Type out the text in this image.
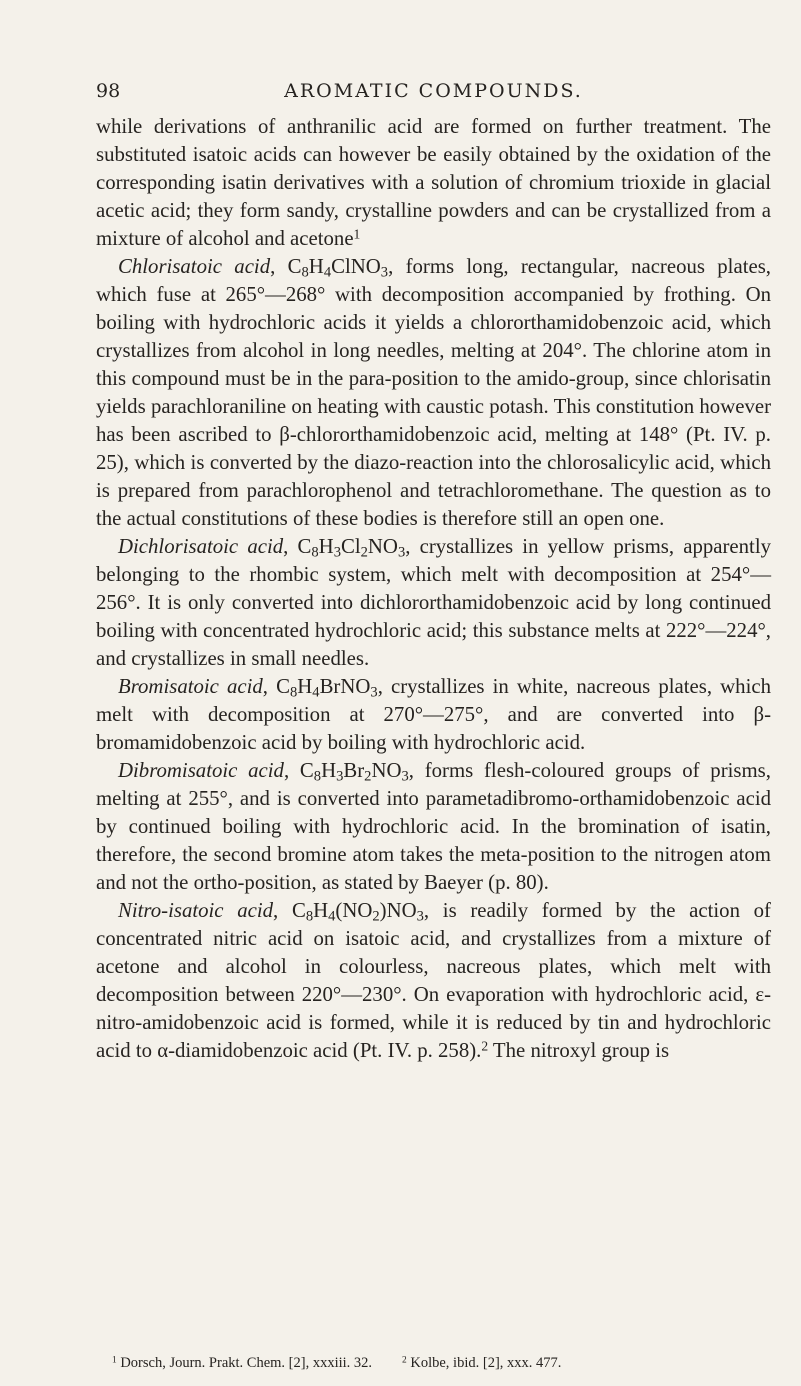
98	AROMATIC COMPOUNDS.

while derivations of anthranilic acid are formed on further treatment. The substituted isatoic acids can however be easily obtained by the oxidation of the corresponding isatin derivatives with a solution of chromium trioxide in glacial acetic acid; they form sandy, crystalline powders and can be crystallized from a mixture of alcohol and acetone$^1$

Chlorisatoic acid, $C_8H_4ClNO_3$, forms long, rectangular, nacreous plates, which fuse at 265°—268° with decomposition accompanied by frothing. On boiling with hydrochloric acids it yields a chlororthamidobenzoic acid, which crystallizes from alcohol in long needles, melting at 204°. The chlorine atom in this compound must be in the para-position to the amido-group, since chlorisatin yields parachloraniline on heating with caustic potash. This constitution however has been ascribed to β-chlororthamidobenzoic acid, melting at 148° (Pt. IV. p. 25), which is converted by the diazo-reaction into the chlorosalicylic acid, which is prepared from parachlorophenol and tetrachloromethane. The question as to the actual constitutions of these bodies is therefore still an open one.

Dichlorisatoic acid, $C_8H_3Cl_2NO_3$, crystallizes in yellow prisms, apparently belonging to the rhombic system, which melt with decomposition at 254°—256°. It is only converted into dichlororthamidobenzoic acid by long continued boiling with concentrated hydrochloric acid; this substance melts at 222°—224°, and crystallizes in small needles.

Bromisatoic acid, $C_8H_4BrNO_3$, crystallizes in white, nacreous plates, which melt with decomposition at 270°—275°, and are converted into β-bromamidobenzoic acid by boiling with hydrochloric acid.

Dibromisatoic acid, $C_8H_3Br_2NO_3$, forms flesh-coloured groups of prisms, melting at 255°, and is converted into parametadibromo-orthamidobenzoic acid by continued boiling with hydrochloric acid. In the bromination of isatin, therefore, the second bromine atom takes the meta-position to the nitrogen atom and not the ortho-position, as stated by Baeyer (p. 80).

Nitro-isatoic acid, $C_8H_4(NO_2)NO_3$, is readily formed by the action of concentrated nitric acid on isatoic acid, and crystallizes from a mixture of acetone and alcohol in colourless, nacreous plates, which melt with decomposition between 220°—230°. On evaporation with hydrochloric acid, ε-nitro-amidobenzoic acid is formed, while it is reduced by tin and hydrochloric acid to α-diamidobenzoic acid (Pt. IV. p. 258).$^2$ The nitroxyl group is

$^1$ Dorsch, Journ. Prakt. Chem. [2], xxxiii. 32.	$^2$ Kolbe, ibid. [2], xxx. 477.
